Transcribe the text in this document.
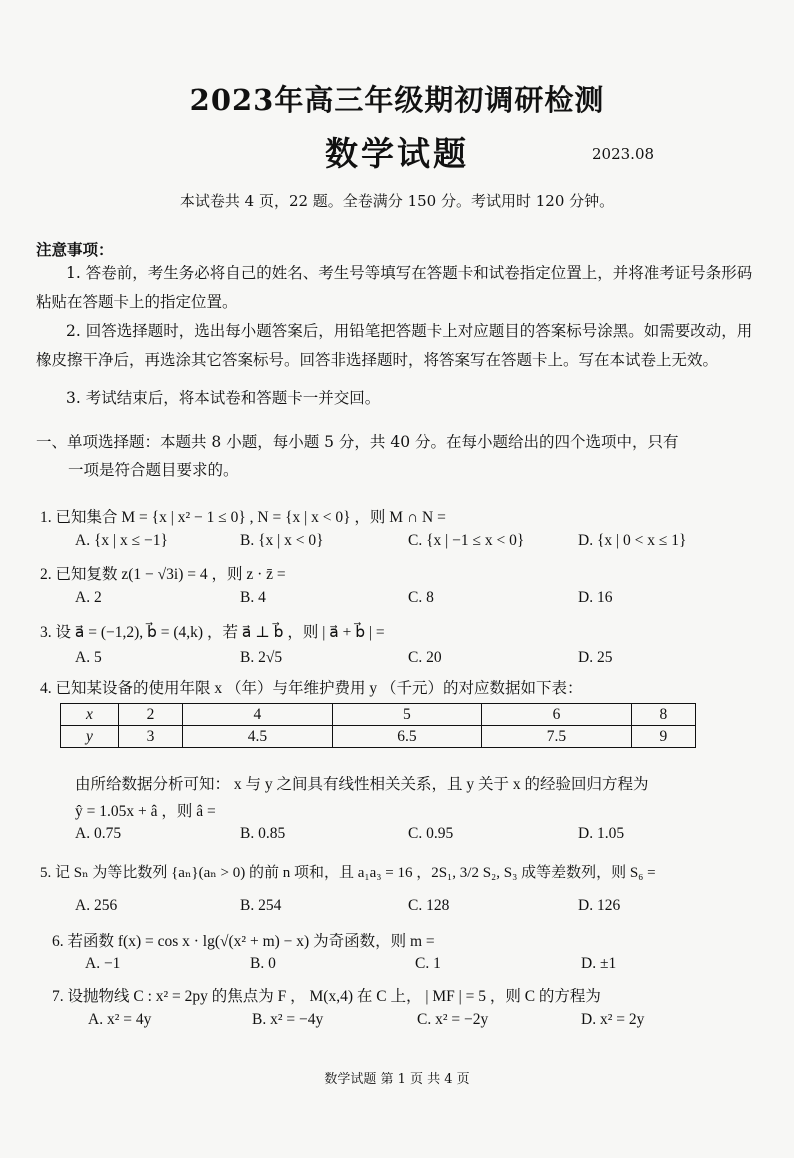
2023年高三年级期初调研检测
数学试题	2023.08
本试卷共 4 页，22 题。全卷满分 150 分。考试用时 120 分钟。
注意事项：
1. 答卷前，考生务必将自己的姓名、考生号等填写在答题卡和试卷指定位置上，并将准考证号条形码粘贴在答题卡上的指定位置。
2. 回答选择题时，选出每小题答案后，用铅笔把答题卡上对应题目的答案标号涂黑。如需要改动，用橡皮擦干净后，再选涂其它答案标号。回答非选择题时，将答案写在答题卡上。写在本试卷上无效。
3. 考试结束后，将本试卷和答题卡一并交回。
一、单项选择题：本题共 8 小题，每小题 5 分，共 40 分。在每小题给出的四个选项中，只有
一项是符合题目要求的。
1. 已知集合 M = {x | x² − 1 ≤ 0} , N = {x | x < 0} ，则 M ∩ N =
A. {x | x ≤ −1}	B. {x | x < 0}	C. {x | −1 ≤ x < 0}	D. {x | 0 < x ≤ 1}
2. 已知复数 z(1 − √3i) = 4 ，则 z · z̄ =
A. 2	B. 4	C. 8	D. 16
3. 设 a⃗ = (−1,2), b⃗ = (4,k) ，若 a⃗ ⊥ b⃗ ，则 | a⃗ + b⃗ | =
A. 5	B. 2√5	C. 20	D. 25
4. 已知某设备的使用年限 x （年）与年维护费用 y （千元）的对应数据如下表：
x	2	4	5	6	8
y	3	4.5	6.5	7.5	9
由所给数据分析可知： x 与 y 之间具有线性相关关系，且 y 关于 x 的经验回归方程为
ŷ = 1.05x + â ，则 â =
A. 0.75	B. 0.85	C. 0.95	D. 1.05
5. 记 Sₙ 为等比数列 {aₙ}(aₙ > 0) 的前 n 项和，且 a₁a₃ = 16 ，2S₁, 3/2 S₂, S₃ 成等差数列，则 S₆ =
A. 256	B. 254	C. 128	D. 126
6. 若函数 f(x) = cos x · lg(√(x² + m) − x) 为奇函数，则 m =
A. −1	B. 0	C. 1	D. ±1
7. 设抛物线 C : x² = 2py 的焦点为 F ， M(x,4) 在 C 上， | MF | = 5 ，则 C 的方程为
A. x² = 4y	B. x² = −4y	C. x² = −2y	D. x² = 2y
数学试题 第 1 页 共 4 页
